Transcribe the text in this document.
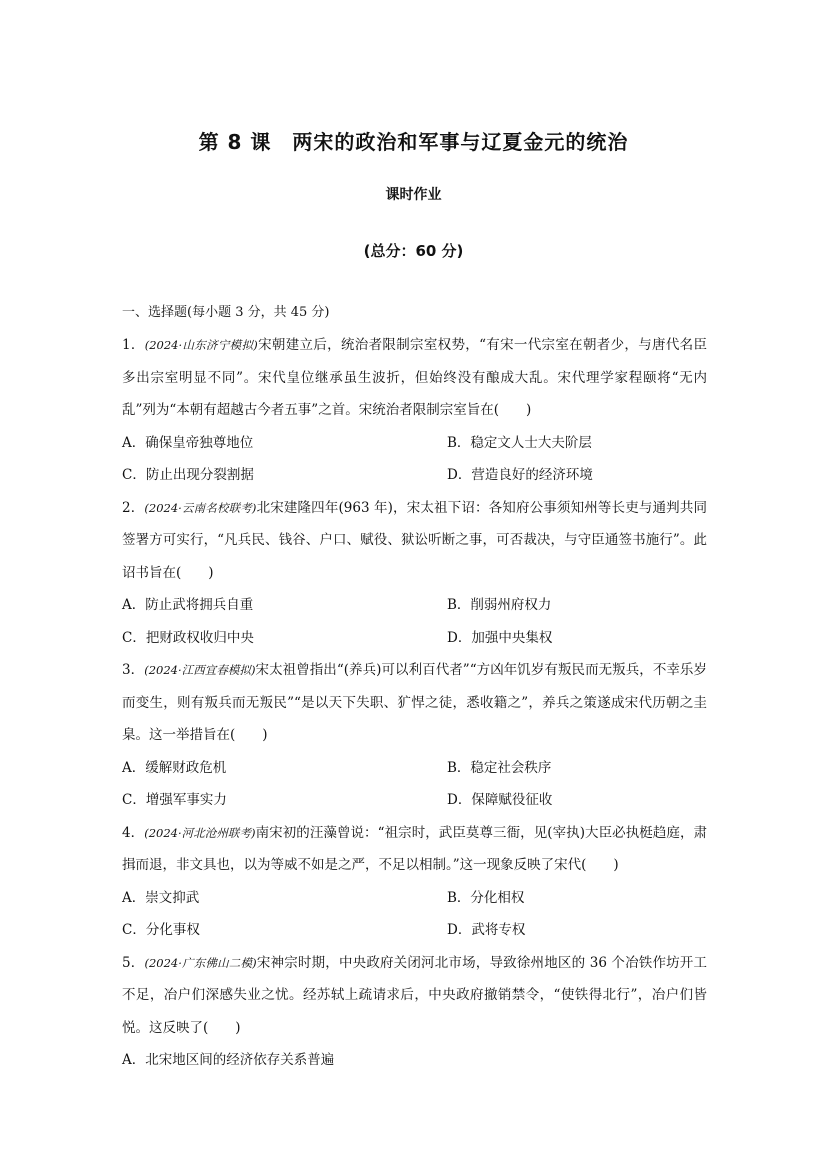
第 8 课　两宋的政治和军事与辽夏金元的统治
课时作业
(总分：60 分)
一、选择题(每小题 3 分，共 45 分)

1．(2024·山东济宁模拟)宋朝建立后，统治者限制宗室权势，“有宋一代宗室在朝者少，与唐代名臣多出宗室明显不同”。宋代皇位继承虽生波折，但始终没有酿成大乱。宋代理学家程颐将“无内乱”列为“本朝有超越古今者五事”之首。宋统治者限制宗室旨在(　　)

A．确保皇帝独尊地位	B．稳定文人士大夫阶层
C．防止出现分裂割据	D．营造良好的经济环境

2．(2024·云南名校联考)北宋建隆四年(963 年)，宋太祖下诏：各知府公事须知州等长吏与通判共同签署方可实行，“凡兵民、钱谷、户口、赋役、狱讼听断之事，可否裁决，与守臣通签书施行”。此诏书旨在(　　)

A．防止武将拥兵自重	B．削弱州府权力
C．把财政权收归中央	D．加强中央集权

3．(2024·江西宜春模拟)宋太祖曾指出“(养兵)可以利百代者”“方凶年饥岁有叛民而无叛兵，不幸乐岁而变生，则有叛兵而无叛民”“是以天下失职、犷悍之徒，悉收籍之”，养兵之策遂成宋代历朝之圭臬。这一举措旨在(　　)

A．缓解财政危机	B．稳定社会秩序
C．增强军事实力	D．保障赋役征收

4．(2024·河北沧州联考)南宋初的汪藻曾说：“祖宗时，武臣莫尊三衙，见(宰执)大臣必执梃趋庭，肃揖而退，非文具也，以为等威不如是之严，不足以相制。”这一现象反映了宋代(　　)

A．崇文抑武	B．分化相权
C．分化事权	D．武将专权

5．(2024·广东佛山二模)宋神宗时期，中央政府关闭河北市场，导致徐州地区的 36 个冶铁作坊开工不足，冶户们深感失业之忧。经苏轼上疏请求后，中央政府撤销禁令，“使铁得北行”，冶户们皆悦。这反映了(　　)

A．北宋地区间的经济依存关系普遍
